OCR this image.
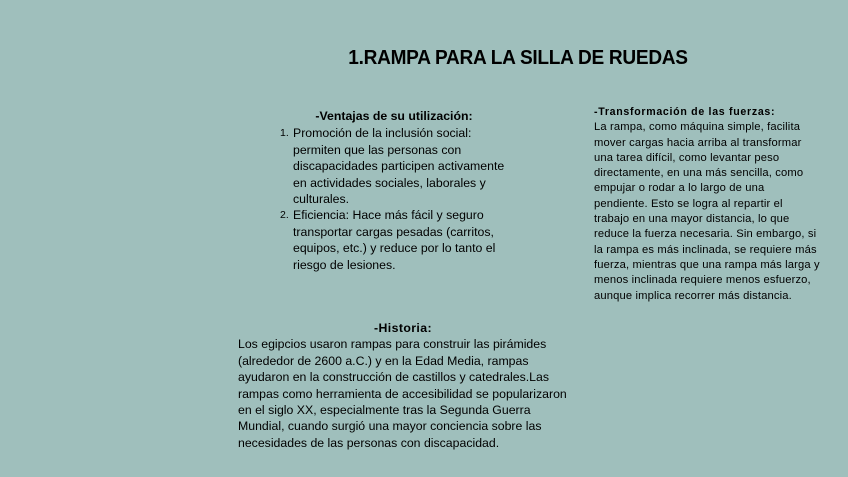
1.RAMPA PARA LA SILLA DE RUEDAS

-Ventajas de su utilización:

1. Promoción de la inclusión social: permiten que las personas con discapacidades participen activamente en actividades sociales, laborales y culturales.
2. Eficiencia: Hace más fácil y seguro transportar cargas pesadas (carritos, equipos, etc.) y reduce por lo tanto el riesgo de lesiones.

-Transformación de las fuerzas:

La rampa, como máquina simple, facilita mover cargas hacia arriba al transformar una tarea difícil, como levantar peso directamente, en una más sencilla, como empujar o rodar a lo largo de una pendiente. Esto se logra al repartir el trabajo en una mayor distancia, lo que reduce la fuerza necesaria. Sin embargo, si la rampa es más inclinada, se requiere más fuerza, mientras que una rampa más larga y menos inclinada requiere menos esfuerzo, aunque implica recorrer más distancia.

-Historia:

Los egipcios usaron rampas para construir las pirámides (alrededor de 2600 a.C.) y en la Edad Media, rampas ayudaron en la construcción de castillos y catedrales.Las rampas como herramienta de accesibilidad se popularizaron en el siglo XX, especialmente tras la Segunda Guerra Mundial, cuando surgió una mayor conciencia sobre las necesidades de las personas con discapacidad.
